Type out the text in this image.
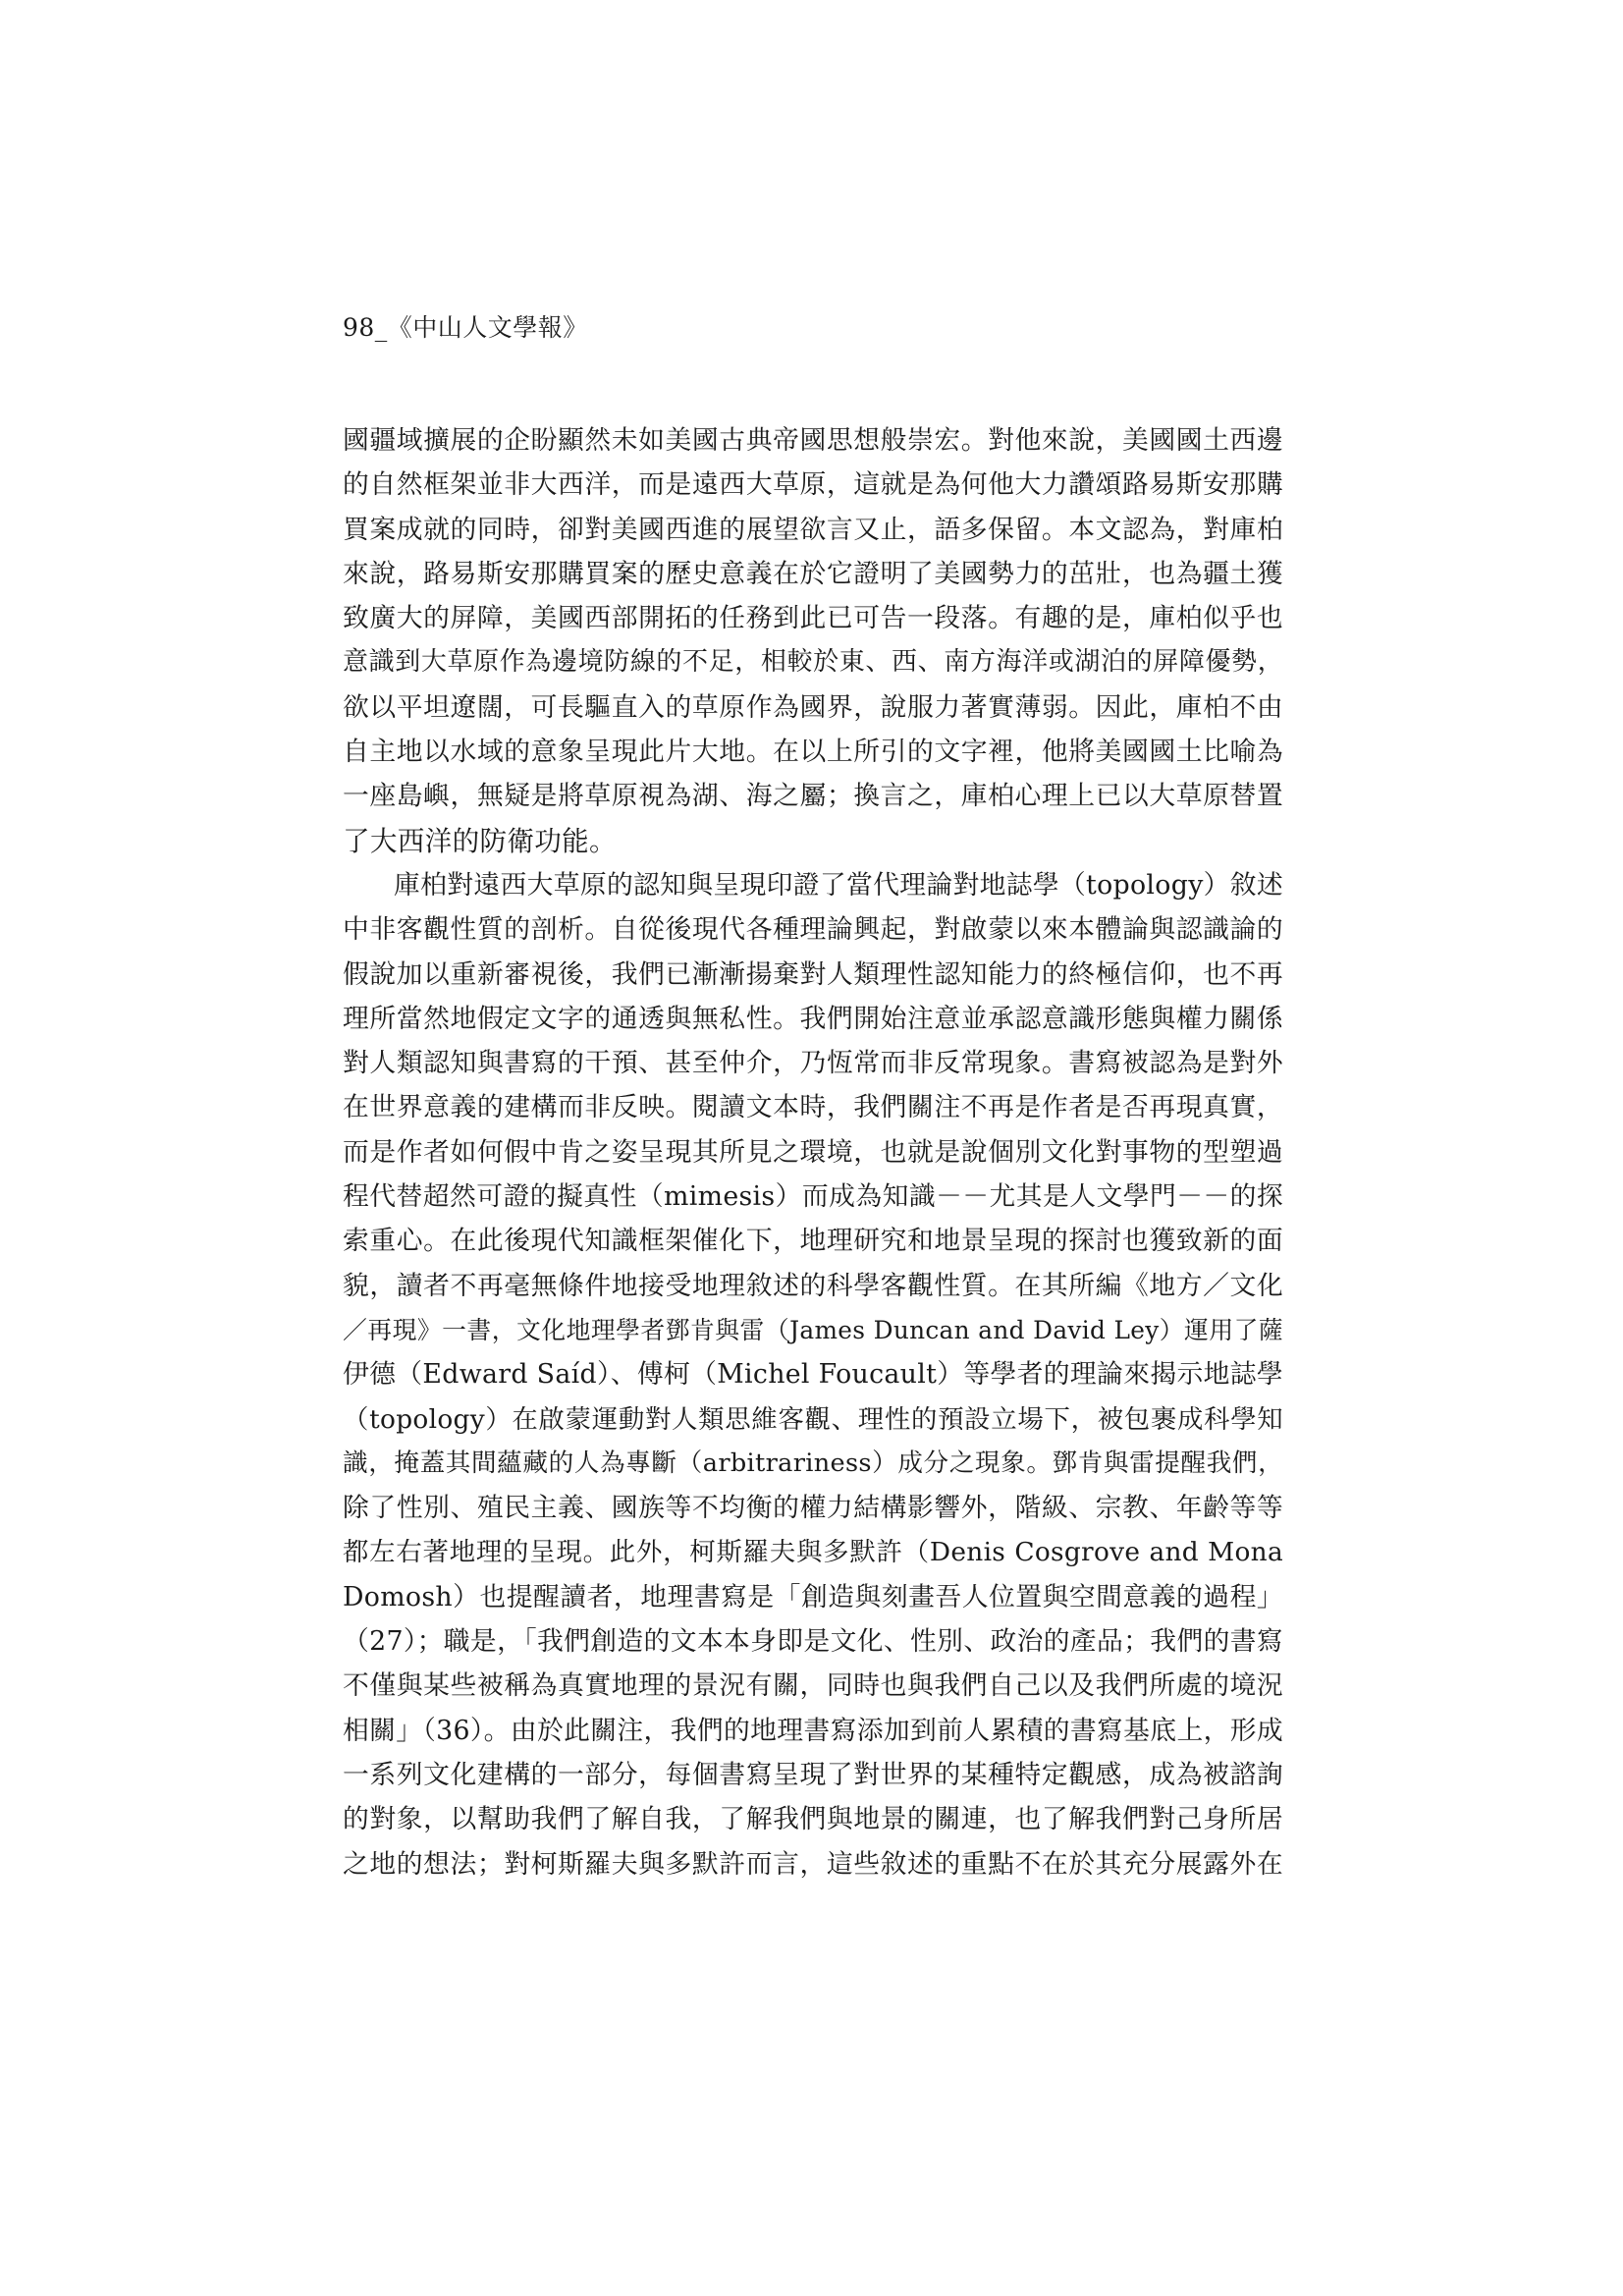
98_《中山人文學報》
國疆域擴展的企盼顯然未如美國古典帝國思想般崇宏。對他來說，美國國土西邊
的自然框架並非大西洋，而是遠西大草原，這就是為何他大力讚頌路易斯安那購
買案成就的同時，卻對美國西進的展望欲言又止，語多保留。本文認為，對庫柏
來說，路易斯安那購買案的歷史意義在於它證明了美國勢力的茁壯，也為疆土獲
致廣大的屏障，美國西部開拓的任務到此已可告一段落。有趣的是，庫柏似乎也
意識到大草原作為邊境防線的不足，相較於東、西、南方海洋或湖泊的屏障優勢，
欲以平坦遼闊，可長驅直入的草原作為國界，說服力著實薄弱。因此，庫柏不由
自主地以水域的意象呈現此片大地。在以上所引的文字裡，他將美國國土比喻為
一座島嶼，無疑是將草原視為湖、海之屬；換言之，庫柏心理上已以大草原替置
了大西洋的防衛功能。
庫柏對遠西大草原的認知與呈現印證了當代理論對地誌學（topology）敘述
中非客觀性質的剖析。自從後現代各種理論興起，對啟蒙以來本體論與認識論的
假說加以重新審視後，我們已漸漸揚棄對人類理性認知能力的終極信仰，也不再
理所當然地假定文字的通透與無私性。我們開始注意並承認意識形態與權力關係
對人類認知與書寫的干預、甚至仲介，乃恆常而非反常現象。書寫被認為是對外
在世界意義的建構而非反映。閱讀文本時，我們關注不再是作者是否再現真實，
而是作者如何假中肯之姿呈現其所見之環境，也就是說個別文化對事物的型塑過
程代替超然可證的擬真性（mimesis）而成為知識－－尤其是人文學門－－的探
索重心。在此後現代知識框架催化下，地理研究和地景呈現的探討也獲致新的面
貌，讀者不再毫無條件地接受地理敘述的科學客觀性質。在其所編《地方／文化
／再現》一書，文化地理學者鄧肯與雷（James Duncan and David Ley）運用了薩
伊德（Edward Saíd）、傅柯（Michel Foucault）等學者的理論來揭示地誌學
（topology）在啟蒙運動對人類思維客觀、理性的預設立場下，被包裹成科學知
識，掩蓋其間蘊藏的人為專斷（arbitrariness）成分之現象。鄧肯與雷提醒我們，
除了性別、殖民主義、國族等不均衡的權力結構影響外，階級、宗教、年齡等等
都左右著地理的呈現。此外，柯斯羅夫與多默許（Denis Cosgrove and Mona
Domosh）也提醒讀者，地理書寫是「創造與刻畫吾人位置與空間意義的過程」
（27）；職是，「我們創造的文本本身即是文化、性別、政治的產品；我們的書寫
不僅與某些被稱為真實地理的景況有關，同時也與我們自己以及我們所處的境況
相關」（36）。由於此關注，我們的地理書寫添加到前人累積的書寫基底上，形成
一系列文化建構的一部分，每個書寫呈現了對世界的某種特定觀感，成為被諮詢
的對象，以幫助我們了解自我，了解我們與地景的關連，也了解我們對己身所居
之地的想法；對柯斯羅夫與多默許而言，這些敘述的重點不在於其充分展露外在
